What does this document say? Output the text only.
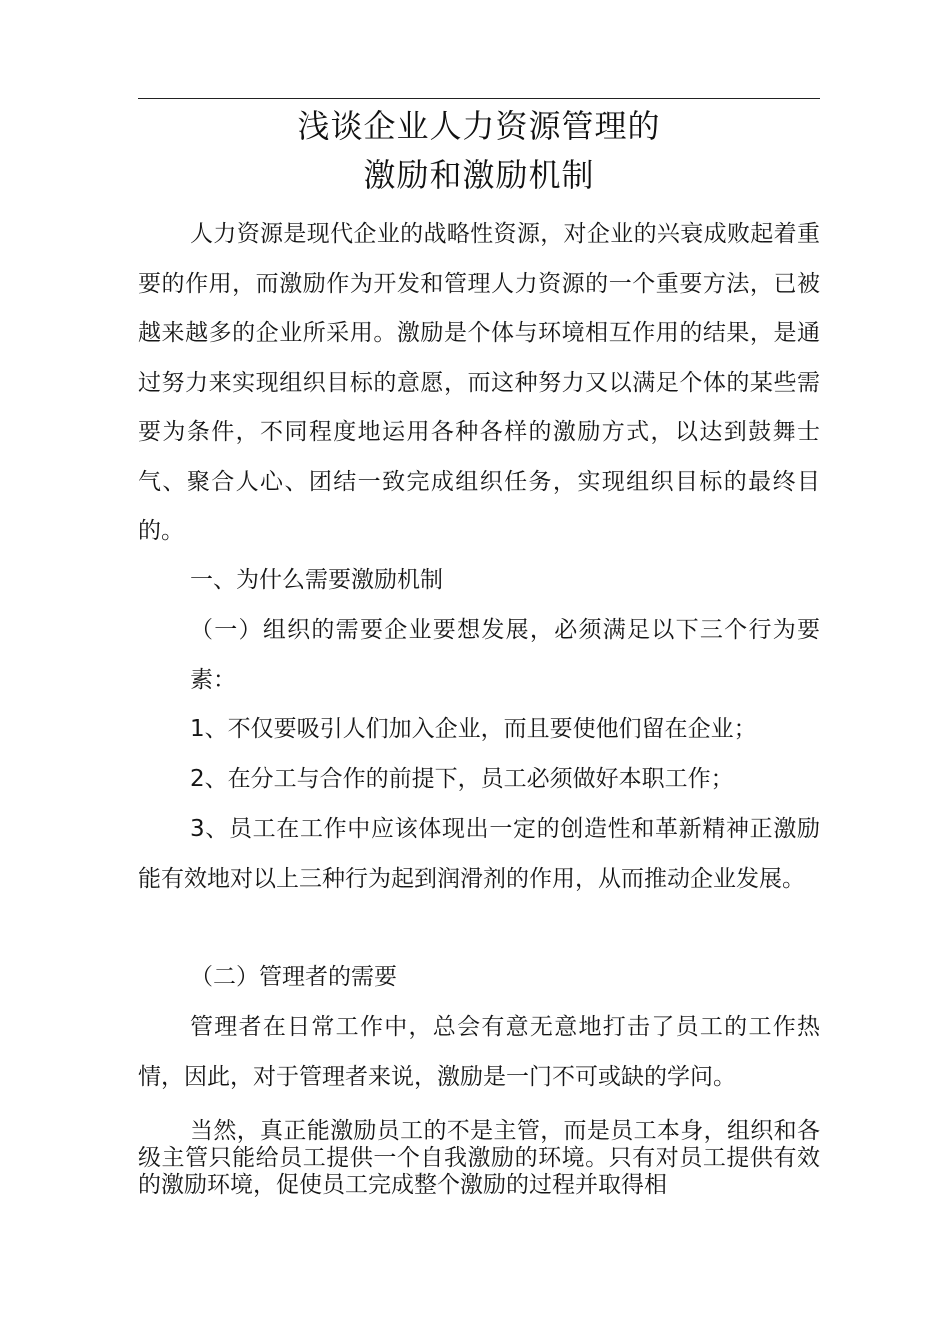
浅谈企业人力资源管理的
激励和激励机制

人力资源是现代企业的战略性资源，对企业的兴衰成败起着重要的作用，而激励作为开发和管理人力资源的一个重要方法，已被越来越多的企业所采用。激励是个体与环境相互作用的结果，是通过努力来实现组织目标的意愿，而这种努力又以满足个体的某些需要为条件，不同程度地运用各种各样的激励方式，以达到鼓舞士气、聚合人心、团结一致完成组织任务，实现组织目标的最终目的。

一、为什么需要激励机制

（一）组织的需要企业要想发展，必须满足以下三个行为要素：

1、不仅要吸引人们加入企业，而且要使他们留在企业；

2、在分工与合作的前提下，员工必须做好本职工作；

3、员工在工作中应该体现出一定的创造性和革新精神正激励能有效地对以上三种行为起到润滑剂的作用，从而推动企业发展。

（二）管理者的需要

管理者在日常工作中，总会有意无意地打击了员工的工作热情，因此，对于管理者来说，激励是一门不可或缺的学问。

当然，真正能激励员工的不是主管，而是员工本身，组织和各级主管只能给员工提供一个自我激励的环境。只有对员工提供有效的激励环境，促使员工完成整个激励的过程并取得相
